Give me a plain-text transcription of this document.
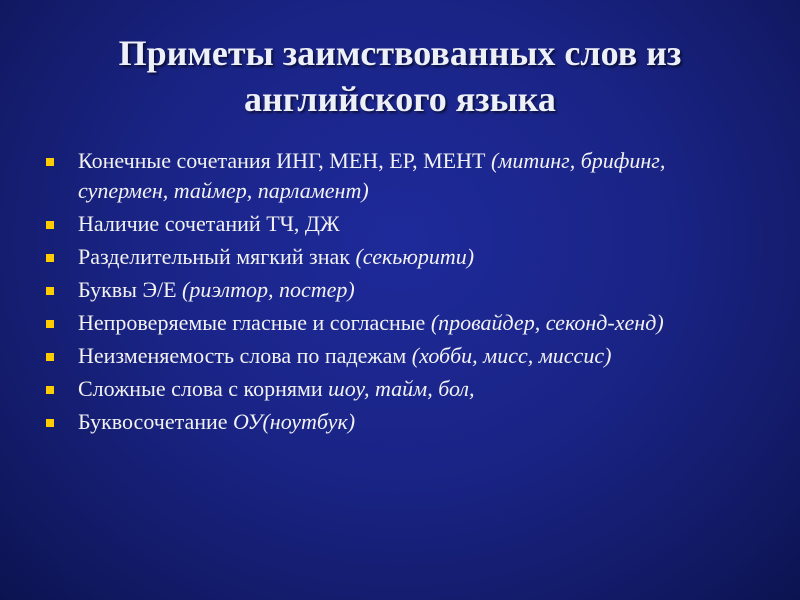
Приметы заимствованных слов из английского языка
Конечные сочетания ИНГ, МЕН, ЕР, МЕНТ (митинг, брифинг, супермен, таймер, парламент)
Наличие сочетаний ТЧ, ДЖ
Разделительный мягкий знак (секьюрити)
Буквы Э/Е (риэлтор, постер)
Непроверяемые гласные и согласные (провайдер, секонд-хенд)
Неизменяемость слова по падежам (хобби, мисс, миссис)
Сложные слова с корнями шоу, тайм, бол,
Буквосочетание ОУ(ноутбук)
